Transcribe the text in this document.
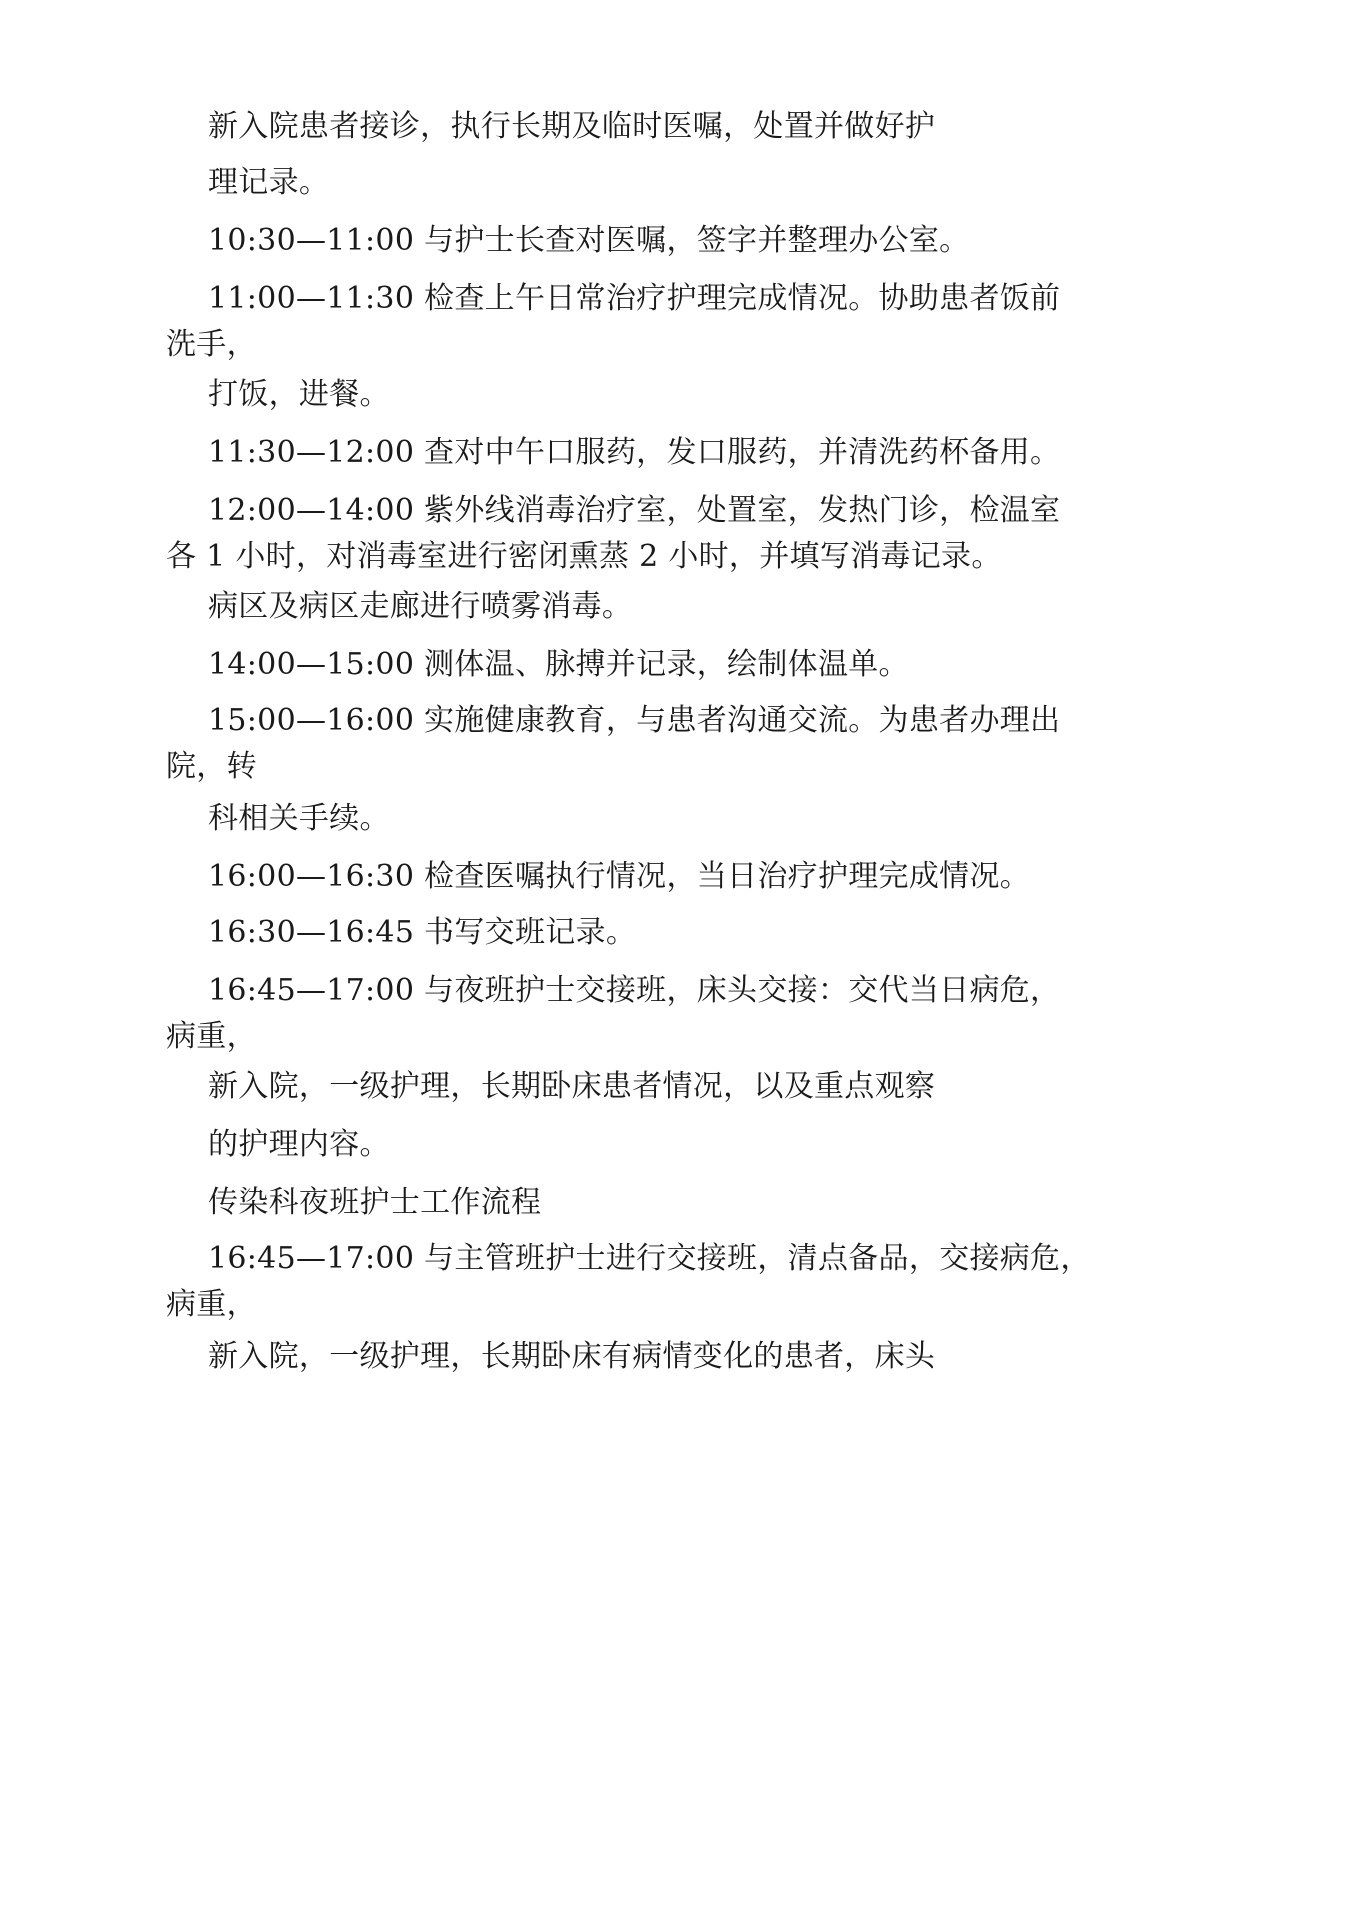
新入院患者接诊，执行长期及临时医嘱，处置并做好护
理记录。
10:30—11:00 与护士长查对医嘱，签字并整理办公室。
11:00—11:30 检查上午日常治疗护理完成情况。协助患者饭前
洗手，
打饭，进餐。
11:30—12:00 查对中午口服药，发口服药，并清洗药杯备用。
12:00—14:00 紫外线消毒治疗室，处置室，发热门诊，检温室
各 1 小时，对消毒室进行密闭熏蒸 2 小时，并填写消毒记录。
病区及病区走廊进行喷雾消毒。
14:00—15:00 测体温、脉搏并记录，绘制体温单。
15:00—16:00 实施健康教育，与患者沟通交流。为患者办理出
院，转
科相关手续。
16:00—16:30 检查医嘱执行情况，当日治疗护理完成情况。
16:30—16:45 书写交班记录。
16:45—17:00 与夜班护士交接班，床头交接：交代当日病危，
病重，
新入院，一级护理，长期卧床患者情况，以及重点观察
的护理内容。
传染科夜班护士工作流程
16:45—17:00 与主管班护士进行交接班，清点备品，交接病危，
病重，
新入院，一级护理，长期卧床有病情变化的患者，床头
